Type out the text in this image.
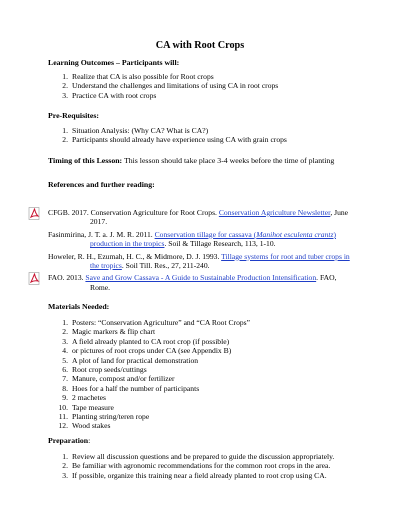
CA with Root Crops
Learning Outcomes – Participants will:
1. Realize that CA is also possible for Root crops
2. Understand the challenges and limitations of using CA in root crops
3. Practice CA with root crops
Pre-Requisites:
1. Situation Analysis: (Why CA? What is CA?)
2. Participants should already have experience using CA with grain crops
Timing of this Lesson: This lesson should take place 3-4 weeks before the time of planting
References and further reading:
CFGB. 2017. Conservation Agriculture for Root Crops. Conservation Agriculture Newsletter, June
2017.
Fasinmirina, J. T. a. J. M. R. 2011. Conservation tillage for cassava (Manihot esculenta crantz)
production in the tropics. Soil & Tillage Research, 113, 1-10.
Howeler, R. H., Ezumah, H. C., & Midmore, D. J. 1993. Tillage systems for root and tuber crops in
the tropics. Soil Till. Res., 27, 211-240.
FAO. 2013. Save and Grow Cassava - A Guide to Sustainable Production Intensification. FAO,
Rome.
Materials Needed:
1. Posters: “Conservation Agriculture” and “CA Root Crops”
2. Magic markers & flip chart
3. A field already planted to CA root crop (if possible)
4. or pictures of root crops under CA (see Appendix B)
5. A plot of land for practical demonstration
6. Root crop seeds/cuttings
7. Manure, compost and/or fertilizer
8. Hoes for a half the number of participants
9. 2 machetes
10. Tape measure
11. Planting string/teren rope
12. Wood stakes
Preparation:
1. Review all discussion questions and be prepared to guide the discussion appropriately.
2. Be familiar with agronomic recommendations for the common root crops in the area.
3. If possible, organize this training near a field already planted to root crop using CA.
